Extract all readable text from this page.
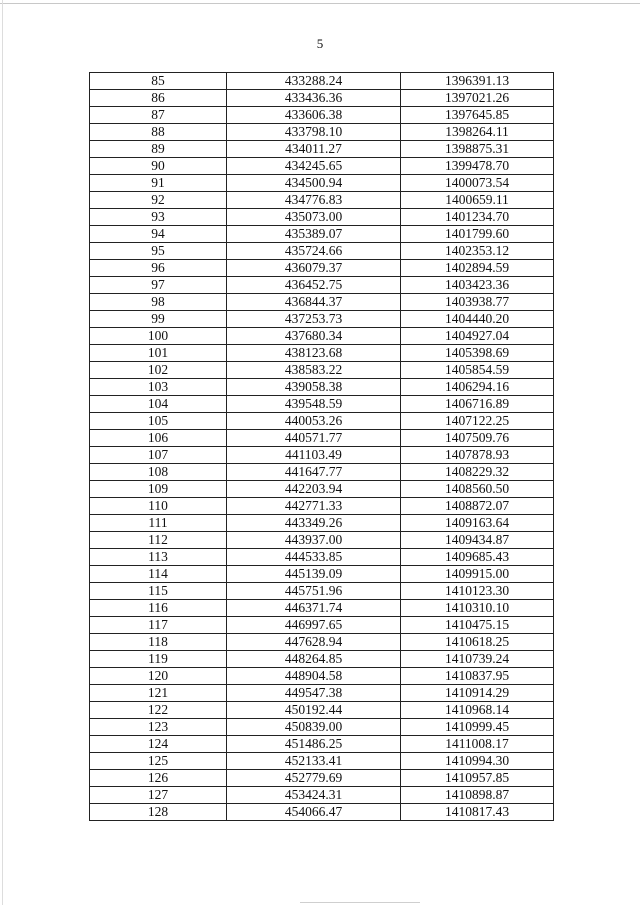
5
85	433288.24	1396391.13
86	433436.36	1397021.26
87	433606.38	1397645.85
88	433798.10	1398264.11
89	434011.27	1398875.31
90	434245.65	1399478.70
91	434500.94	1400073.54
92	434776.83	1400659.11
93	435073.00	1401234.70
94	435389.07	1401799.60
95	435724.66	1402353.12
96	436079.37	1402894.59
97	436452.75	1403423.36
98	436844.37	1403938.77
99	437253.73	1404440.20
100	437680.34	1404927.04
101	438123.68	1405398.69
102	438583.22	1405854.59
103	439058.38	1406294.16
104	439548.59	1406716.89
105	440053.26	1407122.25
106	440571.77	1407509.76
107	441103.49	1407878.93
108	441647.77	1408229.32
109	442203.94	1408560.50
110	442771.33	1408872.07
111	443349.26	1409163.64
112	443937.00	1409434.87
113	444533.85	1409685.43
114	445139.09	1409915.00
115	445751.96	1410123.30
116	446371.74	1410310.10
117	446997.65	1410475.15
118	447628.94	1410618.25
119	448264.85	1410739.24
120	448904.58	1410837.95
121	449547.38	1410914.29
122	450192.44	1410968.14
123	450839.00	1410999.45
124	451486.25	1411008.17
125	452133.41	1410994.30
126	452779.69	1410957.85
127	453424.31	1410898.87
128	454066.47	1410817.43
